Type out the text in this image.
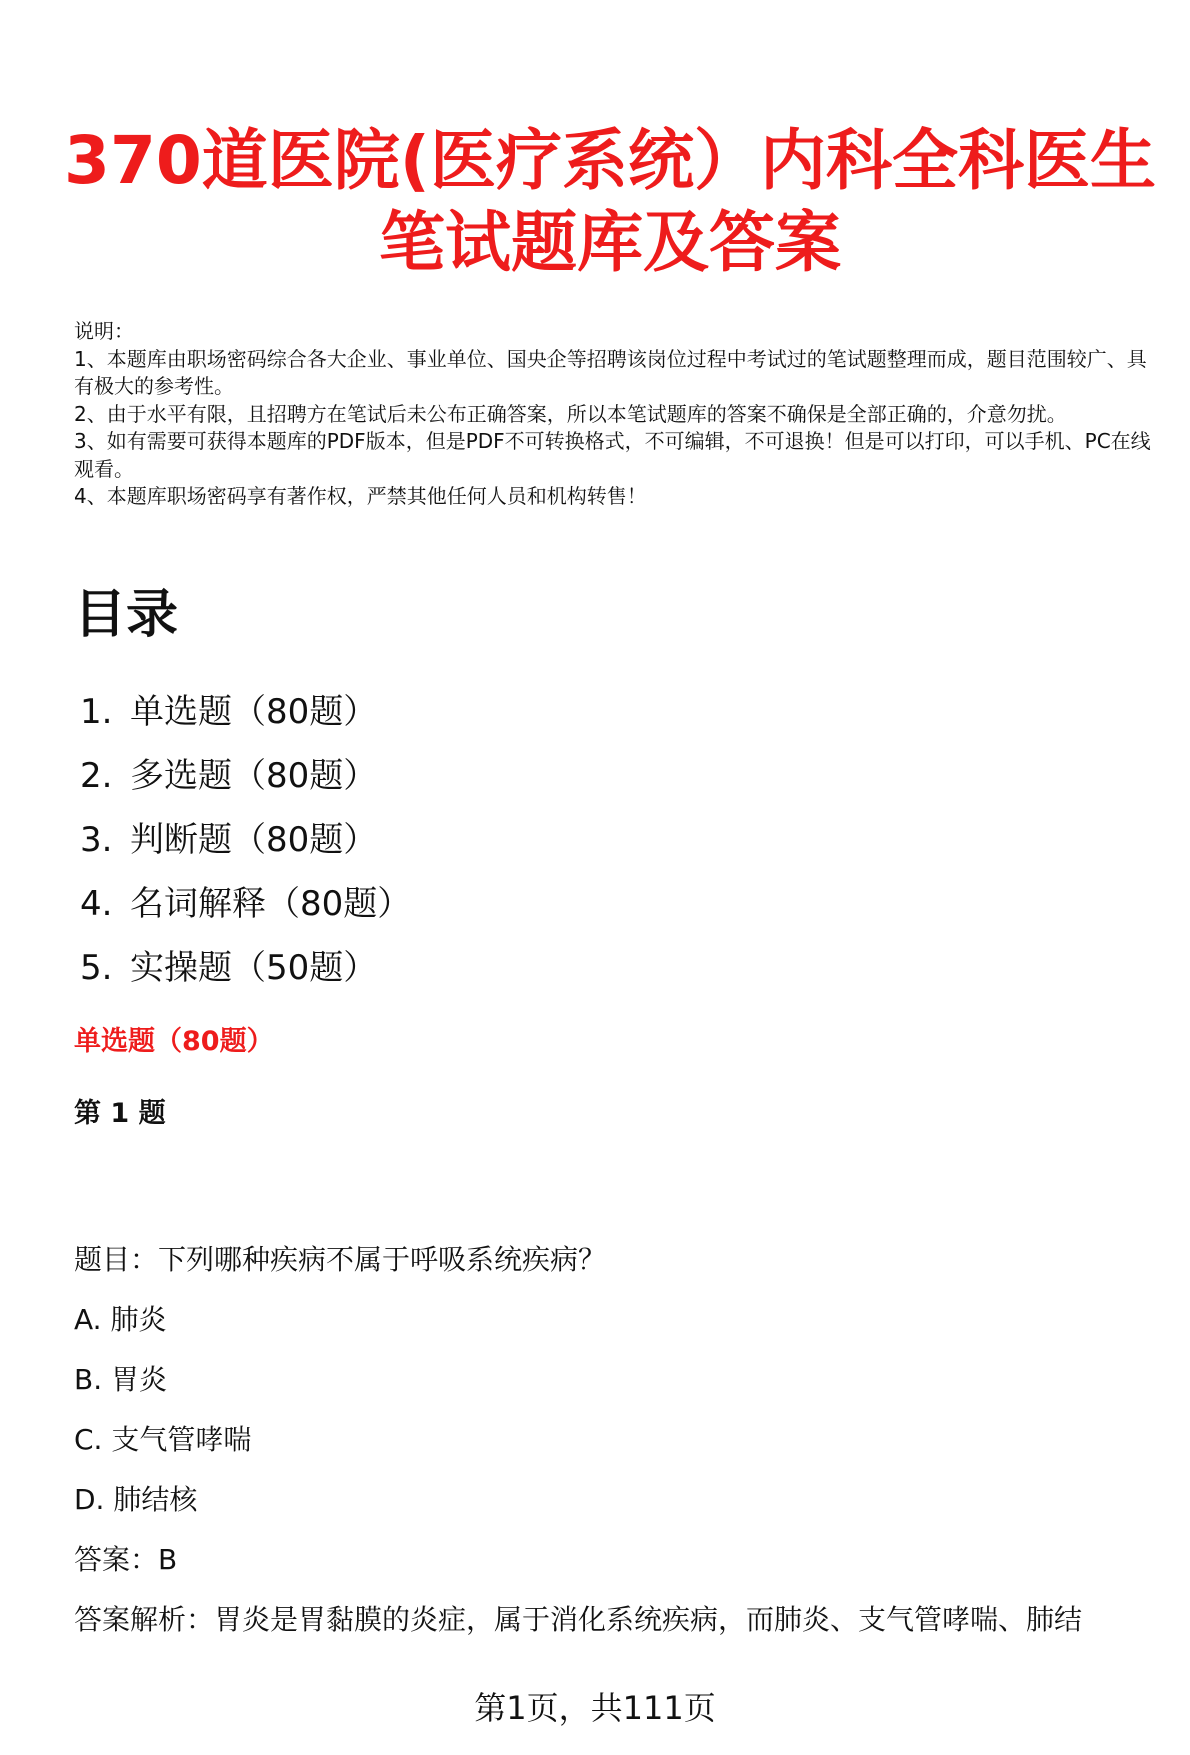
370道医院(医疗系统）内科全科医生笔试题库及答案
说明：
1、本题库由职场密码综合各大企业、事业单位、国央企等招聘该岗位过程中考试过的笔试题整理而成，题目范围较广、具有极大的参考性。
2、由于水平有限，且招聘方在笔试后未公布正确答案，所以本笔试题库的答案不确保是全部正确的，介意勿扰。
3、如有需要可获得本题库的PDF版本，但是PDF不可转换格式，不可编辑，不可退换！但是可以打印，可以手机、PC在线观看。
4、本题库职场密码享有著作权，严禁其他任何人员和机构转售！
目录
1. 单选题（80题）
2. 多选题（80题）
3. 判断题（80题）
4. 名词解释（80题）
5. 实操题（50题）
单选题（80题）
第 1 题
题目：下列哪种疾病不属于呼吸系统疾病？
A. 肺炎
B. 胃炎
C. 支气管哮喘
D. 肺结核
答案：B
答案解析：胃炎是胃黏膜的炎症，属于消化系统疾病，而肺炎、支气管哮喘、肺结
第1页，共111页
